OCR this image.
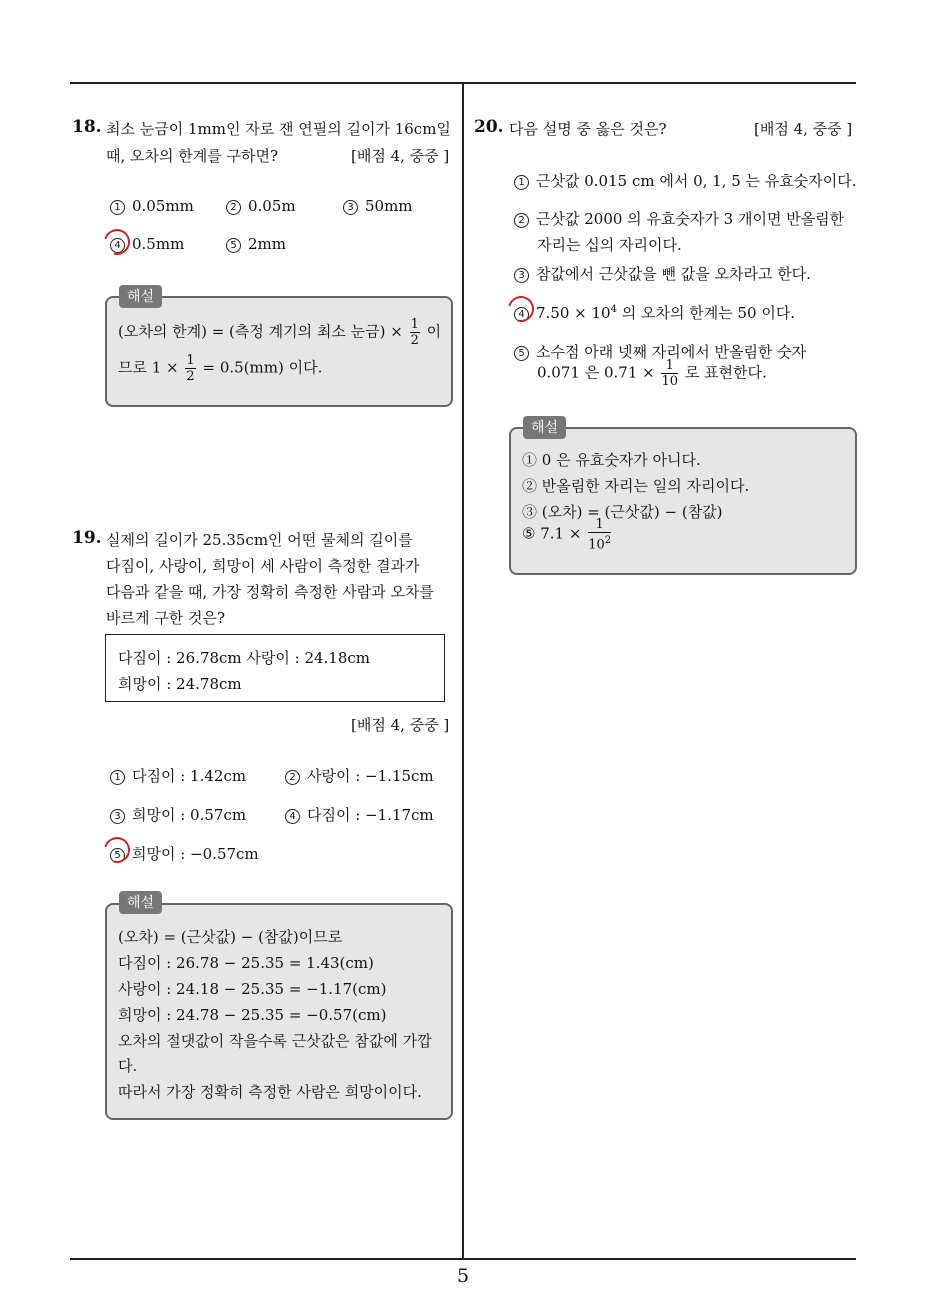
18. 최소 눈금이 1mm인 자로 잰 연필의 길이가 16cm일
때, 오차의 한계를 구하면?	[배점 4, 중중 ]
1 0.05mm	2 0.05m	3 50mm
4 0.5mm	5 2mm
해설
(오차의 한계) = (측정 계기의 최소 눈금) × $\frac{1}{2}$ 이
므로 $1 \times \frac{1}{2} = 0.5(mm)$ 이다.
19. 실제의 길이가 25.35cm인 어떤 물체의 길이를
다짐이, 사랑이, 희망이 세 사람이 측정한 결과가
다음과 같을 때, 가장 정확히 측정한 사람과 오차를
바르게 구한 것은?
다짐이 : 26.78cm 사랑이 : 24.18cm
희망이 : 24.78cm
[배점 4, 중중 ]
1 다짐이 : 1.42cm	2 사랑이 : −1.15cm
3 희망이 : 0.57cm	4 다짐이 : −1.17cm
5 희망이 : −0.57cm
해설
(오차) = (근삿값) − (참값)이므로
다짐이 : 26.78 − 25.35 = 1.43(cm)
사랑이 : 24.18 − 25.35 = −1.17(cm)
희망이 : 24.78 − 25.35 = −0.57(cm)
오차의 절댓값이 작을수록 근삿값은 참값에 가깝
다.
따라서 가장 정확히 측정한 사람은 희망이이다.
20. 다음 설명 중 옳은 것은?	[배점 4, 중중 ]
1 근삿값 0.015 cm 에서 0, 1, 5 는 유효숫자이다.
2 근삿값 2000 의 유효숫자가 3 개이면 반올림한
자리는 십의 자리이다.
3 참값에서 근삿값을 뺀 값을 오차라고 한다.
4 $7.50 \times 10^4$ 의 오차의 한계는 50 이다.
5 소수점 아래 넷째 자리에서 반올림한 숫자
0.071 은 $0.71 \times \frac{1}{10}$ 로 표현한다.
해설
① 0 은 유효숫자가 아니다.
② 반올림한 자리는 일의 자리이다.
③ (오차) = (근삿값) − (참값)
⑤ $7.1 \times \frac{1}{10^2}$
5
